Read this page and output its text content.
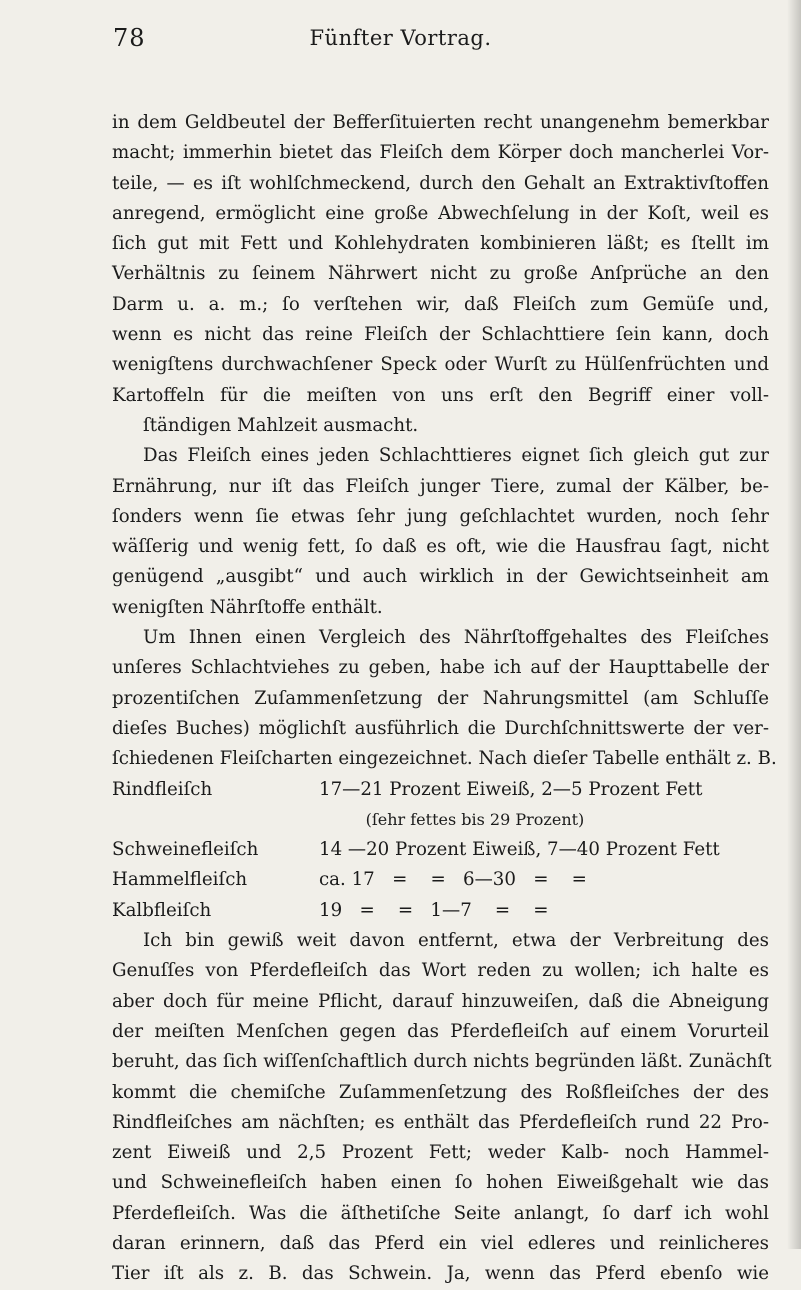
78	Fünfter Vortrag.
in dem Geldbeutel der Befferſituierten recht unangenehm bemerkbar
macht; immerhin bietet das Fleiſch dem Körper doch mancherlei Vor-
teile, — es iſt wohlſchmeckend, durch den Gehalt an Extraktivſtoffen
anregend, ermöglicht eine große Abwechſelung in der Koſt, weil es
ſich gut mit Fett und Kohlehydraten kombinieren läßt; es ſtellt im
Verhältnis zu ſeinem Nährwert nicht zu große Anſprüche an den
Darm u. a. m.; ſo verſtehen wir, daß Fleiſch zum Gemüſe und,
wenn es nicht das reine Fleiſch der Schlachttiere ſein kann, doch
wenigſtens durchwachſener Speck oder Wurſt zu Hülſenfrüchten und
Kartoffeln für die meiſten von uns erſt den Begriff einer voll-
ſtändigen Mahlzeit ausmacht.
Das Fleiſch eines jeden Schlachttieres eignet ſich gleich gut zur
Ernährung, nur iſt das Fleiſch junger Tiere, zumal der Kälber, be-
ſonders wenn ſie etwas ſehr jung geſchlachtet wurden, noch ſehr
wäſſerig und wenig fett, ſo daß es oft, wie die Hausfrau ſagt, nicht
genügend „ausgibt“ und auch wirklich in der Gewichtseinheit am
wenigſten Nährſtoffe enthält.
Um Ihnen einen Vergleich des Nährſtoffgehaltes des Fleiſches
unſeres Schlachtviehes zu geben, habe ich auf der Haupttabelle der
prozentiſchen Zuſammenſetzung der Nahrungsmittel (am Schluſſe
dieſes Buches) möglichſt ausführlich die Durchſchnittswerte der ver-
ſchiedenen Fleiſcharten eingezeichnet. Nach dieſer Tabelle enthält z. B.
Rindfleiſch	17—21 Prozent Eiweiß, 2—5 Prozent Fett
(ſehr fettes bis 29 Prozent)
Schweinefleiſch	14 —20 Prozent Eiweiß, 7—40 Prozent Fett
Hammelfleiſch	ca. 17   =    =   6—30   =    =
Kalbfleiſch	19   =    =   1—7    =    =
Ich bin gewiß weit davon entfernt, etwa der Verbreitung des
Genuſſes von Pferdefleiſch das Wort reden zu wollen; ich halte es
aber doch für meine Pflicht, darauf hinzuweiſen, daß die Abneigung
der meiſten Menſchen gegen das Pferdefleiſch auf einem Vorurteil
beruht, das ſich wiſſenſchaftlich durch nichts begründen läßt. Zunächſt
kommt die chemiſche Zuſammenſetzung des Roßfleiſches der des
Rindfleiſches am nächſten; es enthält das Pferdefleiſch rund 22 Pro-
zent Eiweiß und 2,5 Prozent Fett; weder Kalb- noch Hammel-
und Schweinefleiſch haben einen ſo hohen Eiweißgehalt wie das
Pferdefleiſch. Was die äſthetiſche Seite anlangt, ſo darf ich wohl
daran erinnern, daß das Pferd ein viel edleres und reinlicheres
Tier iſt als z. B. das Schwein. Ja, wenn das Pferd ebenſo wie
